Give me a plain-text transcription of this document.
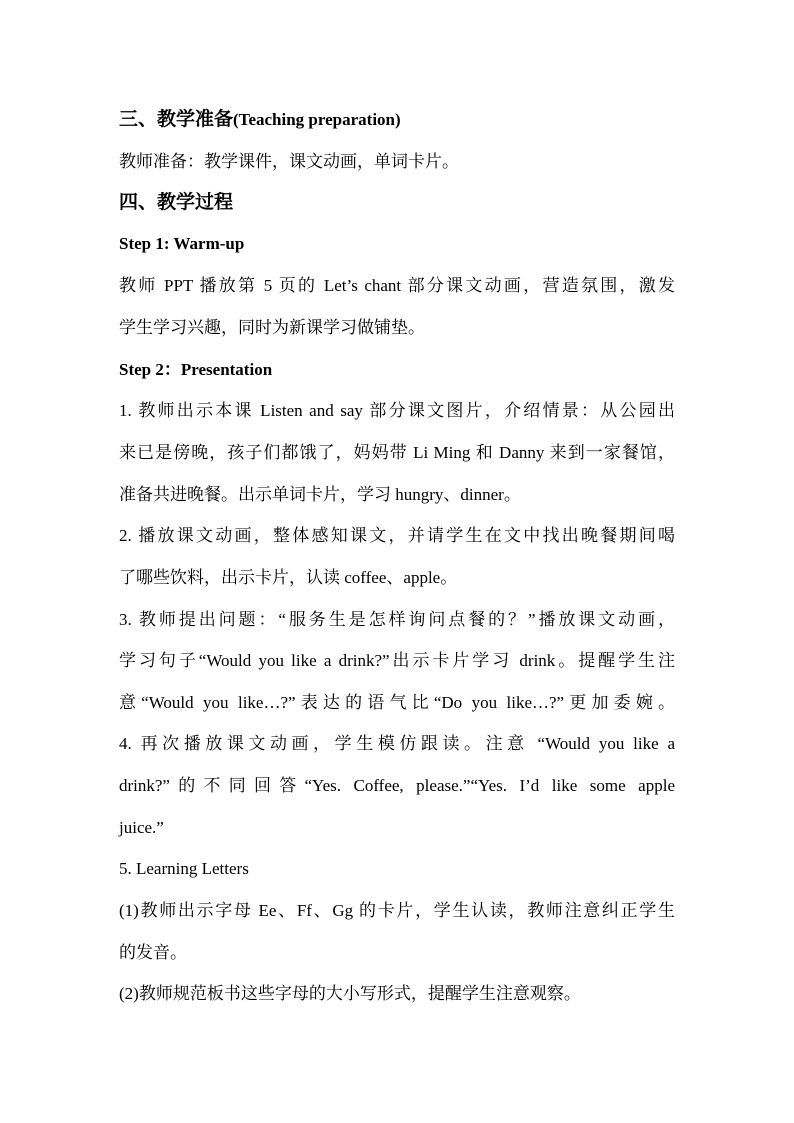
三、教学准备(Teaching preparation)
教师准备：教学课件，课文动画，单词卡片。
四、教学过程
Step 1: Warm-up
教师 PPT 播放第 5 页的 Let’s chant 部分课文动画，营造氛围，激发
学生学习兴趣，同时为新课学习做铺垫。
Step 2：Presentation
1. 教师出示本课 Listen and say 部分课文图片，介绍情景：从公园出
来已是傍晚，孩子们都饿了，妈妈带 Li Ming 和 Danny 来到一家餐馆，
准备共进晚餐。出示单词卡片，学习 hungry、dinner。
2. 播放课文动画，整体感知课文，并请学生在文中找出晚餐期间喝
了哪些饮料，出示卡片，认读 coffee、apple。
3. 教师提出问题：“服务生是怎样询问点餐的？”播放课文动画，
学习句子“Would you like a drink?”出示卡片学习 drink。提醒学生注
意“Would you like…?”表达的语气比“Do you like…?”更加委婉。
4. 再次播放课文动画，学生模仿跟读。注意 “Would you like a
drink?”的不同回答“Yes. Coffee, please.”“Yes. I’d like some apple
juice.”
5. Learning Letters
(1)教师出示字母 Ee、Ff、Gg 的卡片，学生认读，教师注意纠正学生
的发音。
(2)教师规范板书这些字母的大小写形式，提醒学生注意观察。
